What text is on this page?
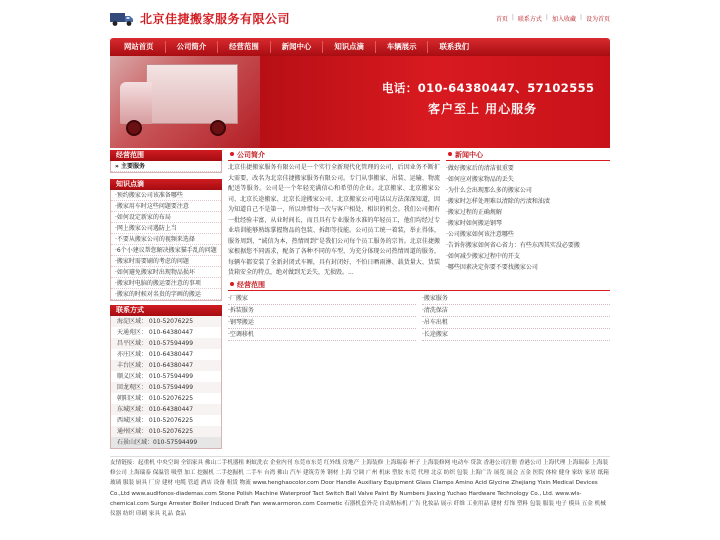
北京佳捷搬家服务有限公司	首页 | 联系方式 | 加入收藏 | 设为首页
网站首页	公司简介	经营范围	新闻中心	知识点滴	车辆展示	联系我们
电话：010-64380447、57102555
客户至上 用心服务
经营范围
» 主要服务
知识点滴
·预约搬家公司该准备哪些
·搬家用车时这些问题要注意
·如何设定新家的布局
·网上搬家公司遇防上当
·不要从搬家公司的视频来选择
·6个小建议帮您解决搬家猫手乱的问题
·搬家时需要刷的考虑的问题
·如何避免搬家时出现物品损坏
·搬家时电脑的搬运要注意的事项
·搬家的时候对名贵的字画的搬运
联系方式
海淀区域： 010-52076225
天通苑区： 010-64380447
昌平区域： 010-57594499
亦庄区域： 010-64380447
丰台区域： 010-64380447
顺义区域： 010-57594499
回龙观区： 010-57594499
朝阳区域： 010-52076225
东城区域： 010-64380447
西城区域： 010-52076225
通州区域： 010-52076225
石景山区域：010-57594499
公司简介
北京佳捷搬家服务有限公司是一个实行全新现代化管理的公司，后因业务不断扩大需要，改名为北京佳捷搬家服务有限公司。专门从事搬家、吊装、运输、物流配送等服务。公司是一个年轻充满信心和希望的企业。北京搬家、北京搬家公司、北京长途搬家、北京长途搬家公司、北京搬家公司电话以方法深深知道，因为知道自己不是第一，所以珍惜每一次与客户相处、相识的机会。我们公司拥有一批经验丰富，从业时间长，而且具有专业服务水准的年轻员工，他们均经过专业培训能够熟练掌握物品的包装、拆卸等技能。公司员工统一着装，举止得体，服务周到，“诚信为本，热情周到”是我们公司每个员工服务的宗旨。北京佳捷搬家根据您不同需求，配备了各种不同的车型，为充分体现公司热情周道的服务，每辆车都安装了全新封闭式车厢，具有封闭好、不怕日晒雨淋、载货量大、货装货箱安全的特点，绝对做到无丢失，无损毁。...
新闻中心
·做好搬家后的清洁很重要
·如何应对搬家物品的丢失
·为什么会出现那么多的搬家公司
·搬家时怎样处理难以清除的污渍和油渍
·搬家过程的正确规解
·搬家时如何搬运钢琴
·公司搬家如何该注意哪些
·告诉你搬家如何省心省力：有些东西其实没必要搬
·如何减少搬家过程中的开支
·哪些因素决定你要不要找搬家公司
经营范围
·厂搬家	·搬家服务
·拆装服务	·清洗保洁
·钢琴搬运	·吊车出租
·空调移机	·长途搬家
友情链接：起重机 中央空调 全铝家具 佛山二手机器租 蚂蚁洗衣 企业内刊 东莞市东莞 红外线 房地产 上海装修 上海瑞泰 杯子 上海装修网 电动车 贷款 香港公司注册 香港公司 上海代理 上海瑞泰 上海装修公司 上海瑞泰 保温管 吸塑 加工 挖掘机 二手挖掘机 二手车 台湾 佛山 汽车 建筑劳务 钢材 上海 空调 广州 机床 塑胶 东莞 代理 北京 纺织 包装 上海广告 展览 展会 五金 医院 体检 健身 家纺 家居 纸箱 玻璃 服装 厨具 厂房 建材 电缆 管道 酒店 设备 租赁 物流 www.henghaocolor.com Door Handle Auxiliary Equipment Glass Clamps Amino Acid Glycine Zhejiang Yixin Medical Devices Co.,Ltd www.audifonos-diademas.com Stone Polish Machine Waterproof Tact Switch Ball Valve Paint By Numbers Jiaxing Yuchao Hardware Technology Co., Ltd. www.wls-chemical.com Surge Arrester Boiler Induced Draft Fan www.armoron.com Cosmetic 石器机套外壳 自动贴标机 广告 化妆品 展示 纤维 工业用品 建材 灯饰 塑料 包装 服装 电子 模具 五金 机械 仪器 纺织 印刷 家具 礼品 食品
